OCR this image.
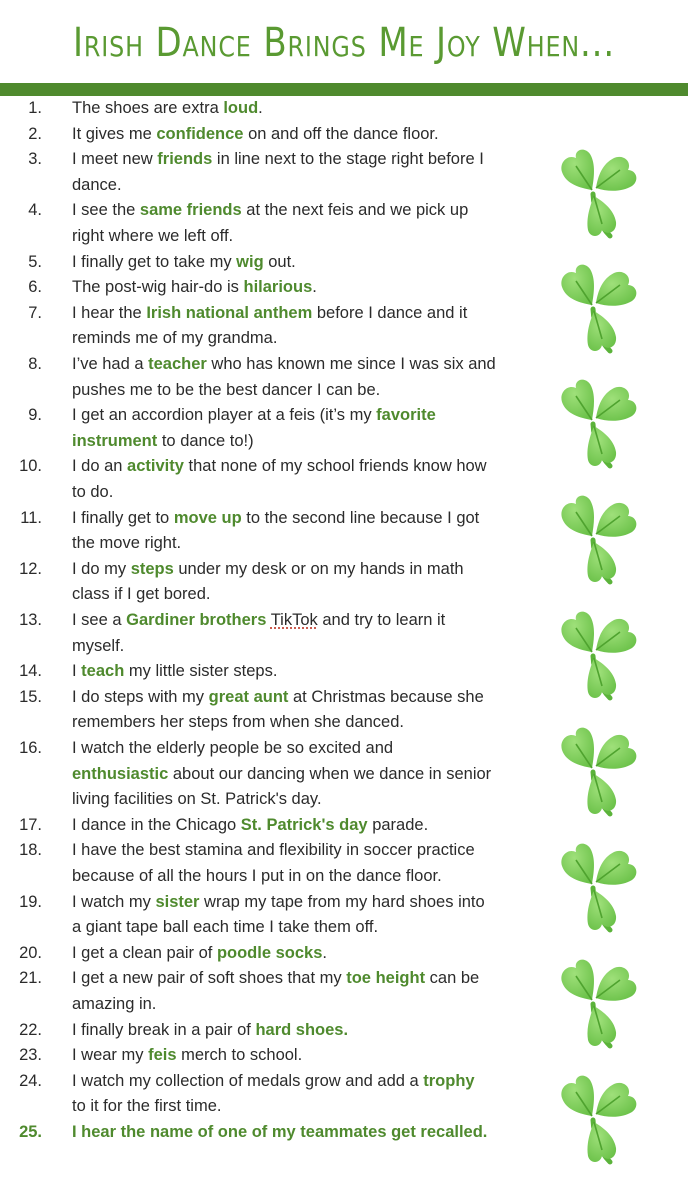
Irish Dance Brings Me Joy When...
1. The shoes are extra loud.
2. It gives me confidence on and off the dance floor.
3. I meet new friends in line next to the stage right before I
dance.
4. I see the same friends at the next feis and we pick up
right where we left off.
5. I finally get to take my wig out.
6. The post-wig hair-do is hilarious.
7. I hear the Irish national anthem before I dance and it
reminds me of my grandma.
8. I’ve had a teacher who has known me since I was six and
pushes me to be the best dancer I can be.
9. I get an accordion player at a feis (it’s my favorite
instrument to dance to!)
10. I do an activity that none of my school friends know how
to do.
11. I finally get to move up to the second line because I got
the move right.
12. I do my steps under my desk or on my hands in math
class if I get bored.
13. I see a Gardiner brothers TikTok and try to learn it
myself.
14. I teach my little sister steps.
15. I do steps with my great aunt at Christmas because she
remembers her steps from when she danced.
16. I watch the elderly people be so excited and
enthusiastic about our dancing when we dance in senior
living facilities on St. Patrick's day.
17. I dance in the Chicago St. Patrick's day parade.
18. I have the best stamina and flexibility in soccer practice
because of all the hours I put in on the dance floor.
19. I watch my sister wrap my tape from my hard shoes into
a giant tape ball each time I take them off.
20. I get a clean pair of poodle socks.
21. I get a new pair of soft shoes that my toe height can be
amazing in.
22. I finally break in a pair of hard shoes.
23. I wear my feis merch to school.
24. I watch my collection of medals grow and add a trophy
to it for the first time.
25. I hear the name of one of my teammates get recalled.
